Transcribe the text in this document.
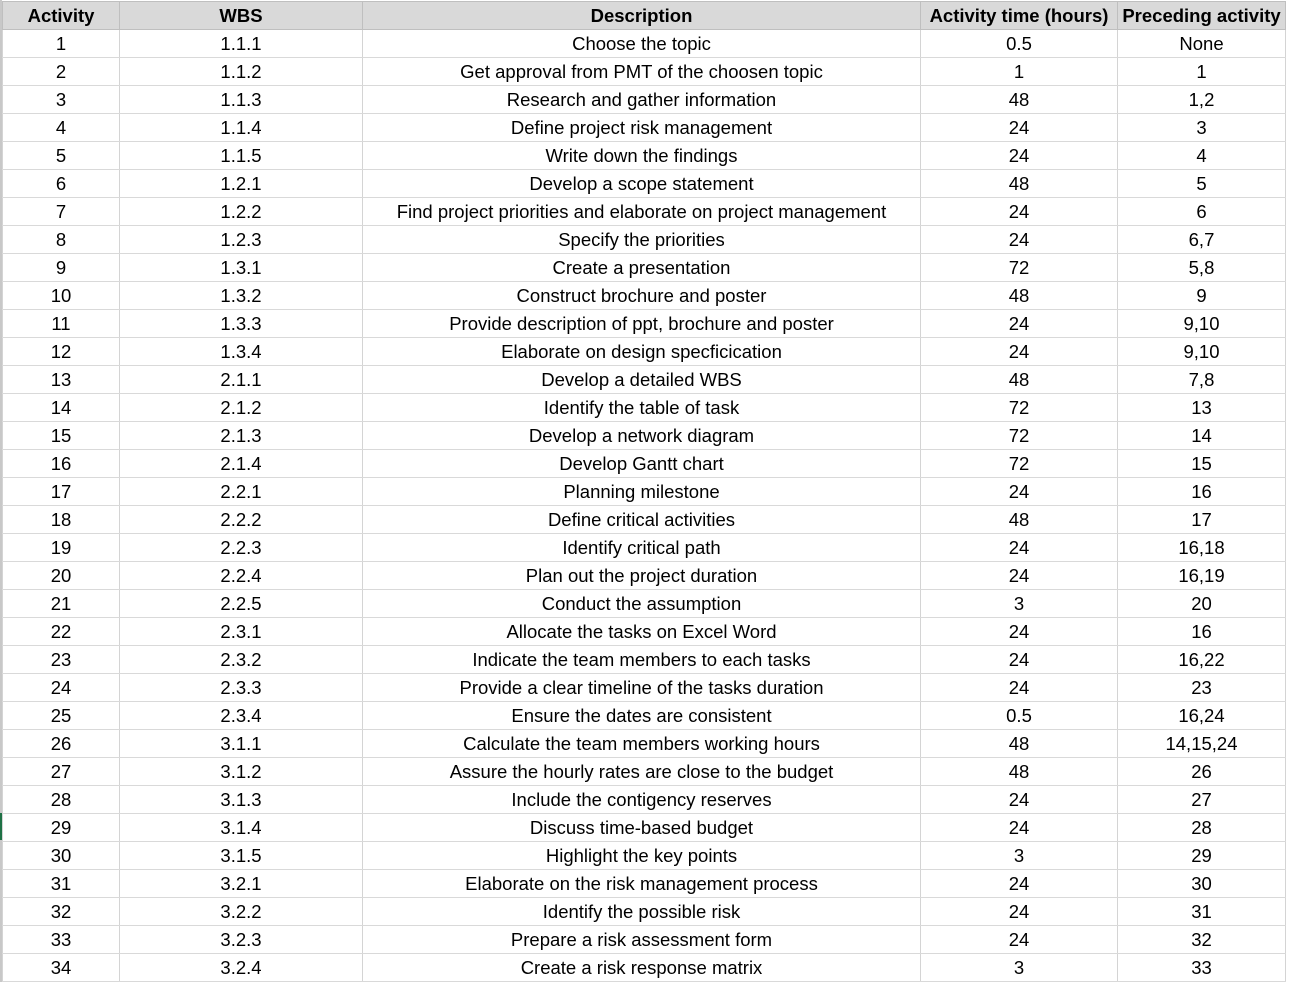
Activity	WBS	Description	Activity time (hours)	Preceding activity
1	1.1.1	Choose the topic	0.5	None
2	1.1.2	Get approval from PMT of the choosen topic	1	1
3	1.1.3	Research and gather information	48	1,2
4	1.1.4	Define project risk management	24	3
5	1.1.5	Write down the findings	24	4
6	1.2.1	Develop a scope statement	48	5
7	1.2.2	Find project priorities and elaborate on project management	24	6
8	1.2.3	Specify the priorities	24	6,7
9	1.3.1	Create a presentation	72	5,8
10	1.3.2	Construct brochure and poster	48	9
11	1.3.3	Provide description of ppt, brochure and poster	24	9,10
12	1.3.4	Elaborate on design specficication	24	9,10
13	2.1.1	Develop a detailed WBS	48	7,8
14	2.1.2	Identify the table of task	72	13
15	2.1.3	Develop a network diagram	72	14
16	2.1.4	Develop Gantt chart	72	15
17	2.2.1	Planning milestone	24	16
18	2.2.2	Define critical activities	48	17
19	2.2.3	Identify critical path	24	16,18
20	2.2.4	Plan out the project duration	24	16,19
21	2.2.5	Conduct the assumption	3	20
22	2.3.1	Allocate the tasks on Excel Word	24	16
23	2.3.2	Indicate the team members to each tasks	24	16,22
24	2.3.3	Provide a clear timeline of the tasks duration	24	23
25	2.3.4	Ensure the dates are consistent	0.5	16,24
26	3.1.1	Calculate the team members working hours	48	14,15,24
27	3.1.2	Assure the hourly rates are close to the budget	48	26
28	3.1.3	Include the contigency reserves	24	27
29	3.1.4	Discuss time-based budget	24	28
30	3.1.5	Highlight the key points	3	29
31	3.2.1	Elaborate on the risk management process	24	30
32	3.2.2	Identify the possible risk	24	31
33	3.2.3	Prepare a risk assessment form	24	32
34	3.2.4	Create a risk response matrix	3	33
